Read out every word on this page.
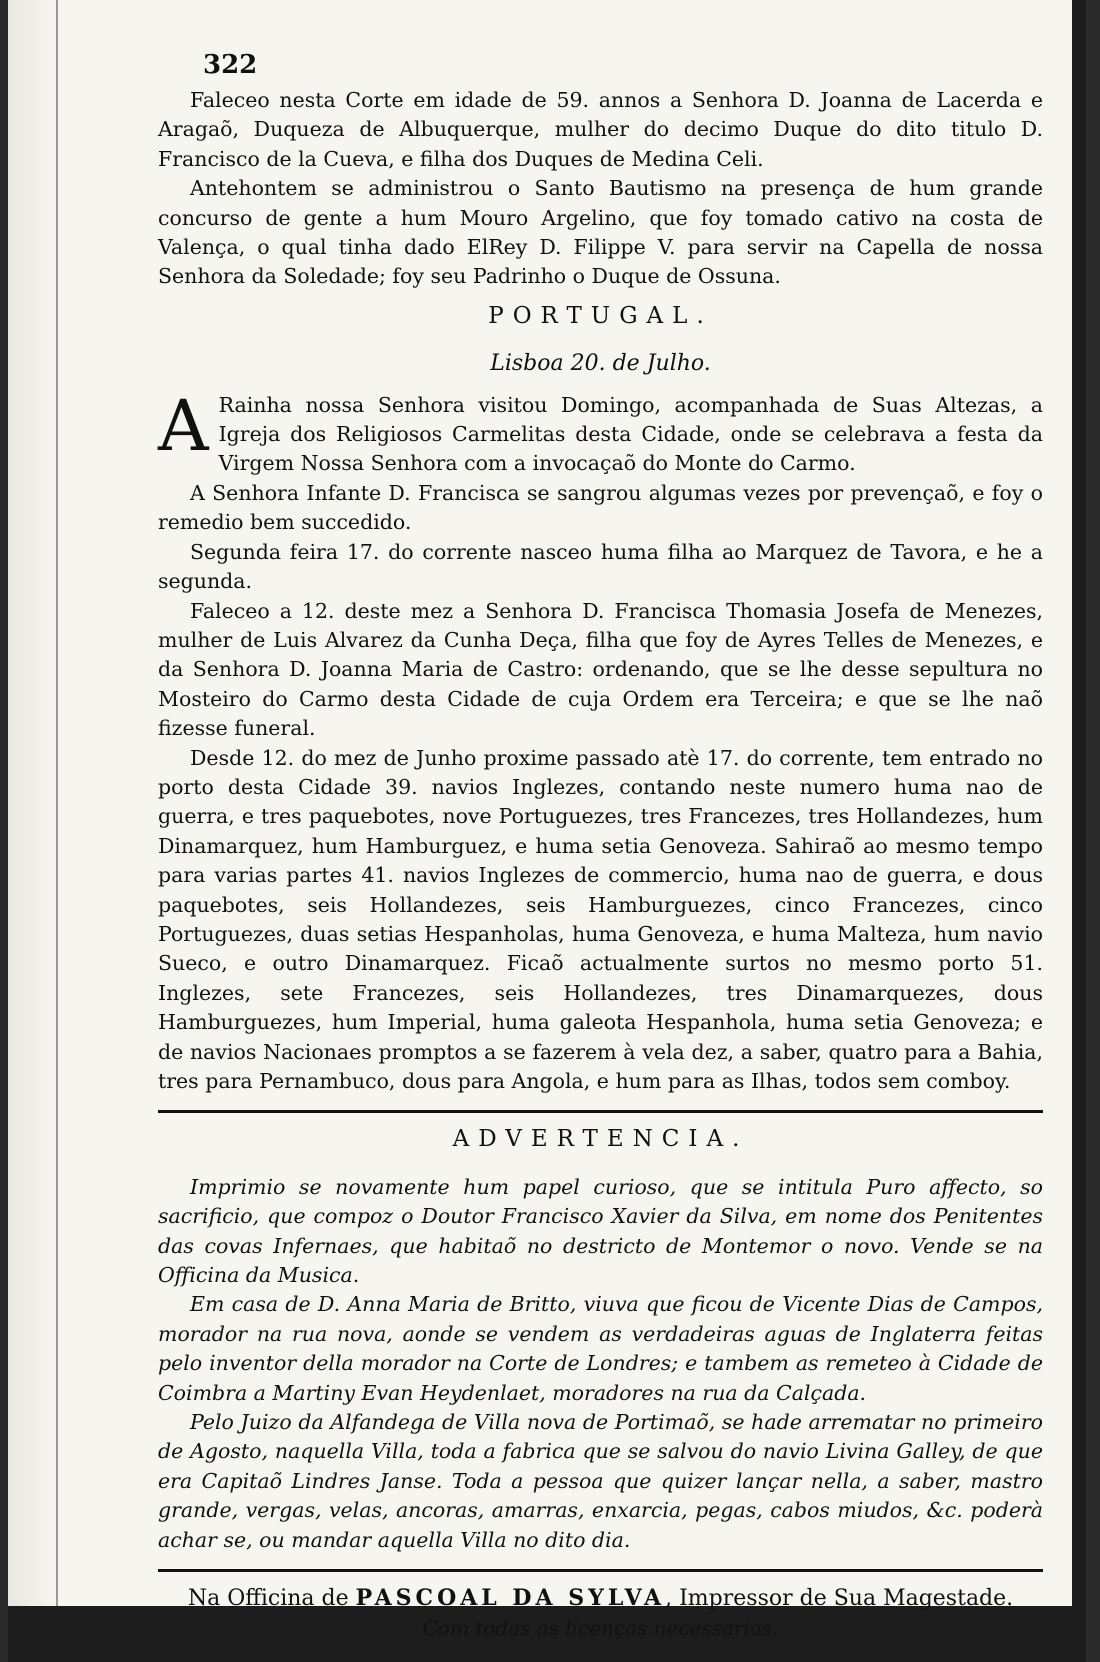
322

Faleceo nesta Corte em idade de 59. annos a Senhora D. Joanna de Lacerda e Aragaõ, Duqueza de Albuquerque, mulher do decimo Duque do dito titulo D. Francisco de la Cueva, e filha dos Duques de Medina Celi.

Antehontem se administrou o Santo Bautismo na presença de hum grande concurso de gente a hum Mouro Argelino, que foy tomado cativo na costa de Valença, o qual tinha dado ElRey D. Filippe V. para servir na Capella de nossa Senhora da Soledade; foy seu Padrinho o Duque de Ossuna.

PORTUGAL.
Lisboa 20. de Julho.

A Rainha nossa Senhora visitou Domingo, acompanhada de Suas Altezas, a Igreja dos Religiosos Carmelitas desta Cidade, onde se celebrava a festa da Virgem Nossa Senhora com a invocaçaõ do Monte do Carmo.

A Senhora Infante D. Francisca se sangrou algumas vezes por prevençaõ, e foy o remedio bem succedido.

Segunda feira 17. do corrente nasceo huma filha ao Marquez de Tavora, e he a segunda.

Faleceo a 12. deste mez a Senhora D. Francisca Thomasia Josefa de Menezes, mulher de Luis Alvarez da Cunha Deça, filha que foy de Ayres Telles de Menezes, e da Senhora D. Joanna Maria de Castro: ordenando, que se lhe desse sepultura no Mosteiro do Carmo desta Cidade de cuja Ordem era Terceira; e que se lhe naõ fizesse funeral.

Desde 12. do mez de Junho proxime passado atè 17. do corrente, tem entrado no porto desta Cidade 39. navios Inglezes, contando neste numero huma nao de guerra, e tres paquebotes, nove Portuguezes, tres Francezes, tres Hollandezes, hum Dinamarquez, hum Hamburguez, e huma setia Genoveza. Sahiraõ ao mesmo tempo para varias partes 41. navios Inglezes de commercio, huma nao de guerra, e dous paquebotes, seis Hollandezes, seis Hamburguezes, cinco Francezes, cinco Portuguezes, duas setias Hespanholas, huma Genoveza, e huma Malteza, hum navio Sueco, e outro Dinamarquez. Ficaõ actualmente surtos no mesmo porto 51. Inglezes, sete Francezes, seis Hollandezes, tres Dinamarquezes, dous Hamburguezes, hum Imperial, huma galeota Hespanhola, huma setia Genoveza; e de navios Nacionaes promptos a se fazerem à vela dez, a saber, quatro para a Bahia, tres para Pernambuco, dous para Angola, e hum para as Ilhas, todos sem comboy.

ADVERTENCIA.

Imprimio se novamente hum papel curioso, que se intitula Puro affecto, so sacrificio, que compoz o Doutor Francisco Xavier da Silva, em nome dos Penitentes das covas Infernaes, que habitaõ no destricto de Montemor o novo. Vende se na Officina da Musica.

Em casa de D. Anna Maria de Britto, viuva que ficou de Vicente Dias de Campos, morador na rua nova, aonde se vendem as verdadeiras aguas de Inglaterra feitas pelo inventor della morador na Corte de Londres; e tambem as remeteo à Cidade de Coimbra a Martiny Evan Heydenlaet, moradores na rua da Calçada.

Pelo Juizo da Alfandega de Villa nova de Portimaõ, se hade arrematar no primeiro de Agosto, naquella Villa, toda a fabrica que se salvou do navio Livina Galley, de que era Capitaõ Lindres Janse. Toda a pessoa que quizer lançar nella, a saber, mastro grande, vergas, velas, ancoras, amarras, enxarcia, pegas, cabos miudos, &c. poderà achar se, ou mandar aquella Villa no dito dia.

Na Officina de PASCOAL DA SYLVA, Impressor de Sua Magestade.
Com todas as licenças necessarias.
